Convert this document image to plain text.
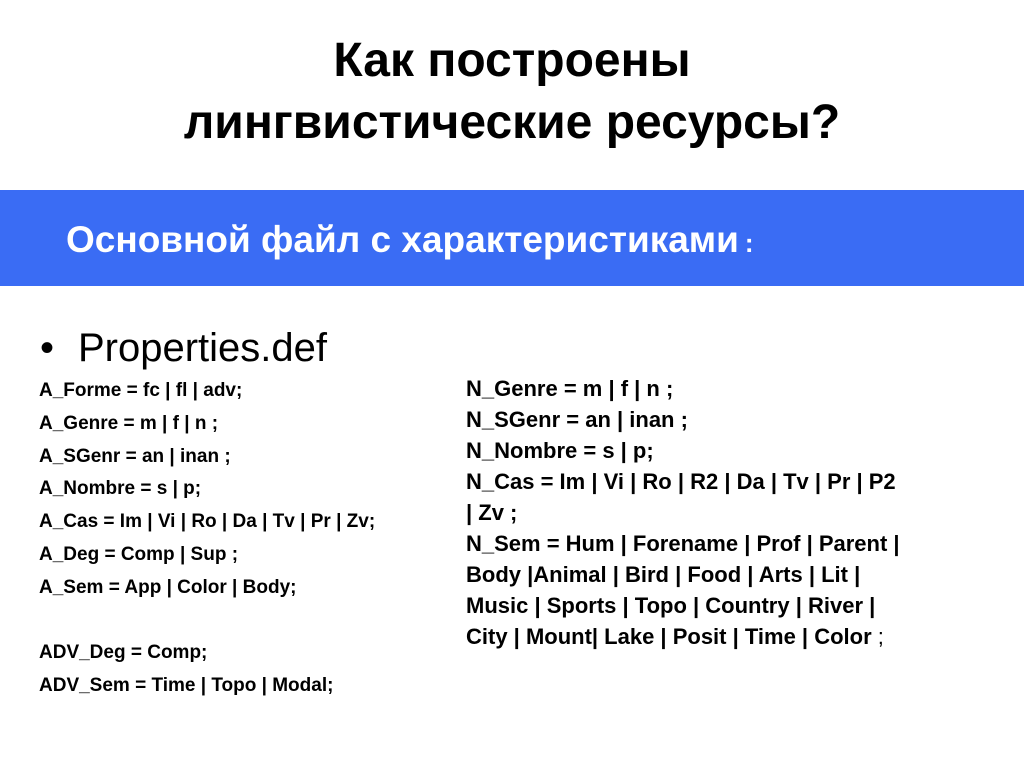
Как построены
лингвистические ресурсы?
Основной файл с характеристиками :
• Properties.def
A_Forme = fc | fl | adv;
A_Genre = m | f | n ;
A_SGenr = an | inan ;
A_Nombre = s | p;
A_Cas = Im | Vi | Ro | Da | Tv | Pr | Zv;
A_Deg = Comp | Sup ;
A_Sem = App | Color | Body;
ADV_Deg = Comp;
ADV_Sem = Time | Topo | Modal;
N_Genre = m | f | n ;
N_SGenr = an | inan ;
N_Nombre = s | p;
N_Cas = Im | Vi | Ro | R2 | Da | Tv | Pr | P2
| Zv ;
N_Sem = Hum | Forename | Prof | Parent |
Body |Animal | Bird | Food | Arts | Lit |
Music | Sports | Topo | Country | River |
City | Mount| Lake | Posit | Time | Color ;
